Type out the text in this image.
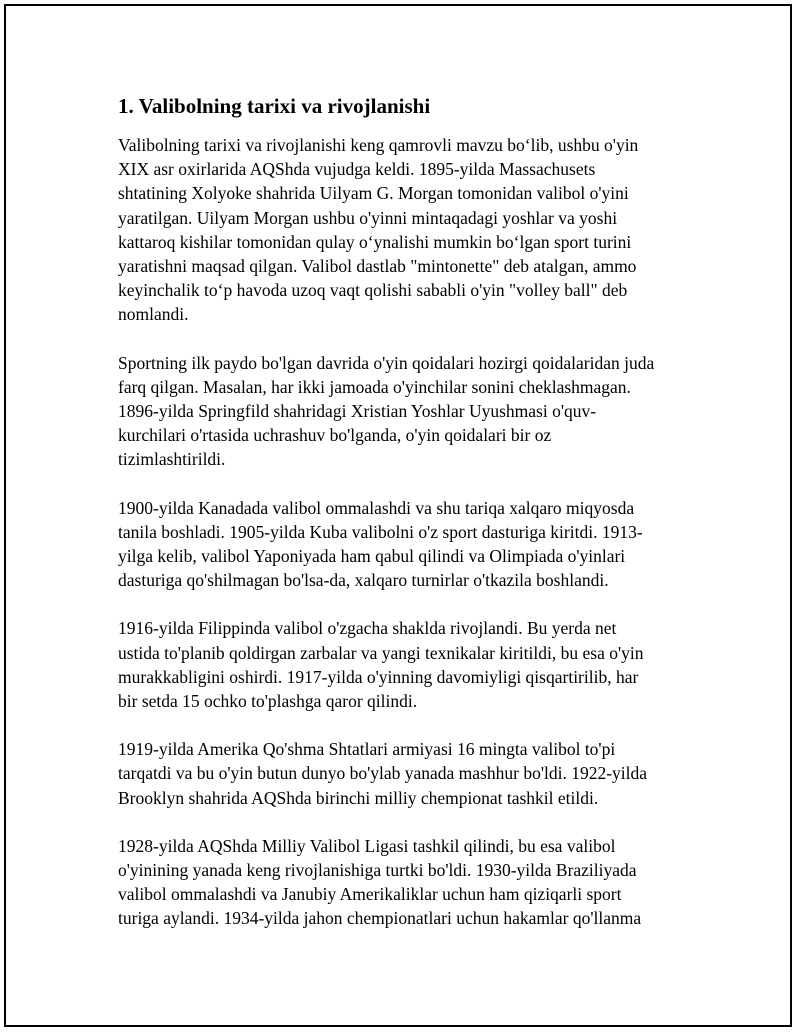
1. Valibolning tarixi va rivojlanishi
Valibolning tarixi va rivojlanishi keng qamrovli mavzu bo‘lib, ushbu o'yin
XIX asr oxirlarida AQShda vujudga keldi. 1895-yilda Massachusets
shtatining Xolyoke shahrida Uilyam G. Morgan tomonidan valibol o'yini
yaratilgan. Uilyam Morgan ushbu o'yinni mintaqadagi yoshlar va yoshi
kattaroq kishilar tomonidan qulay o‘ynalishi mumkin bo‘lgan sport turini
yaratishni maqsad qilgan. Valibol dastlab "mintonette" deb atalgan, ammo
keyinchalik to‘p havoda uzoq vaqt qolishi sababli o'yin "volley ball" deb
nomlandi.
Sportning ilk paydo bo'lgan davrida o'yin qoidalari hozirgi qoidalaridan juda
farq qilgan. Masalan, har ikki jamoada o'yinchilar sonini cheklashmagan.
1896-yilda Springfild shahridagi Xristian Yoshlar Uyushmasi o'quv-
kurchilari o'rtasida uchrashuv bo'lganda, o'yin qoidalari bir oz
tizimlashtirildi.
1900-yilda Kanadada valibol ommalashdi va shu tariqa xalqaro miqyosda
tanila boshladi. 1905-yilda Kuba valibolni o'z sport dasturiga kiritdi. 1913-
yilga kelib, valibol Yaponiyada ham qabul qilindi va Olimpiada o'yinlari
dasturiga qo'shilmagan bo'lsa-da, xalqaro turnirlar o'tkazila boshlandi.
1916-yilda Filippinda valibol o'zgacha shaklda rivojlandi. Bu yerda net
ustida to'planib qoldirgan zarbalar va yangi texnikalar kiritildi, bu esa o'yin
murakkabligini oshirdi. 1917-yilda o'yinning davomiyligi qisqartirilib, har
bir setda 15 ochko to'plashga qaror qilindi.
1919-yilda Amerika Qo'shma Shtatlari armiyasi 16 mingta valibol to'pi
tarqatdi va bu o'yin butun dunyo bo'ylab yanada mashhur bo'ldi. 1922-yilda
Brooklyn shahrida AQShda birinchi milliy chempionat tashkil etildi.
1928-yilda AQShda Milliy Valibol Ligasi tashkil qilindi, bu esa valibol
o'yinining yanada keng rivojlanishiga turtki bo'ldi. 1930-yilda Braziliyada
valibol ommalashdi va Janubiy Amerikaliklar uchun ham qiziqarli sport
turiga aylandi. 1934-yilda jahon chempionatlari uchun hakamlar qo'llanma
